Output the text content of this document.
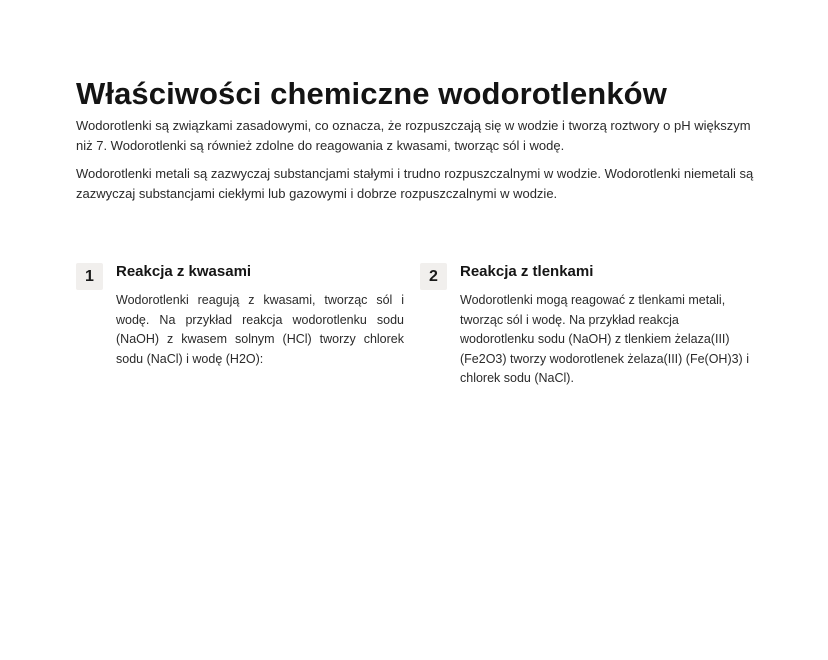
Właściwości chemiczne wodorotlenków

Wodorotlenki są związkami zasadowymi, co oznacza, że rozpuszczają się w wodzie i tworzą roztwory o pH większym niż 7. Wodorotlenki są również zdolne do reagowania z kwasami, tworząc sól i wodę.

Wodorotlenki metali są zazwyczaj substancjami stałymi i trudno rozpuszczalnymi w wodzie. Wodorotlenki niemetali są zazwyczaj substancjami ciekłymi lub gazowymi i dobrze rozpuszczalnymi w wodzie.

1	Reakcja z kwasami

Wodorotlenki reagują z kwasami, tworząc sól i wodę. Na przykład reakcja wodorotlenku sodu (NaOH) z kwasem solnym (HCl) tworzy chlorek sodu (NaCl) i wodę (H2O):

2	Reakcja z tlenkami

Wodorotlenki mogą reagować z tlenkami metali, tworząc sól i wodę. Na przykład reakcja wodorotlenku sodu (NaOH) z tlenkiem żelaza(III) (Fe2O3) tworzy wodorotlenek żelaza(III) (Fe(OH)3) i chlorek sodu (NaCl).
